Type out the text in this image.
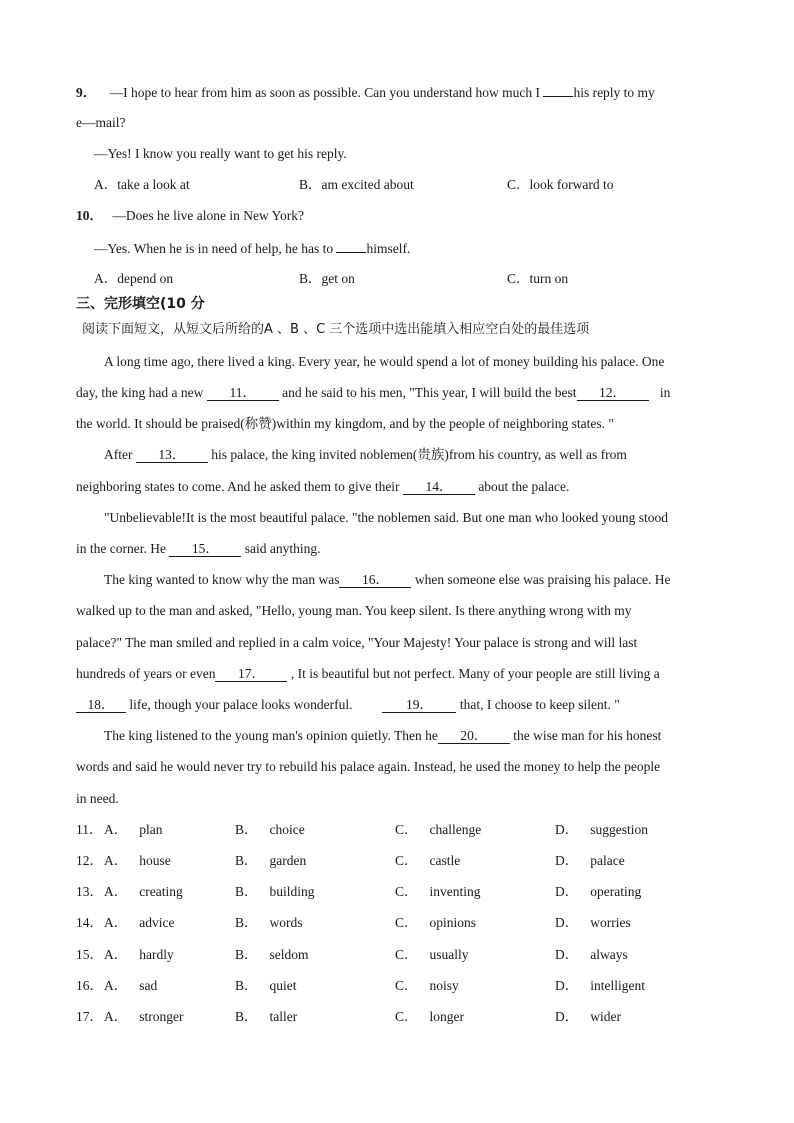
9． —I hope to hear from him as soon as possible. Can you understand how much I his reply to my
e—mail?
—Yes! I know you really want to get his reply.
A．take a look at	B．am excited about	C．look forward to
10． —Does he live alone in New York?
—Yes. When he is in need of help, he has to himself.
A．depend on	B．get on	C．turn on
三、完形填空(10 分
阅读下面短文，从短文后所给的A 、B 、C 三个选项中选出能填入相应空白处的最佳选项
A long time ago, there lived a king. Every year, he would spend a lot of money building his palace. One
day, the king had a new 11． and he said to his men, "This year, I will build the best 12． in
the world. It should be praised(称赞)within my kingdom, and by the people of neighboring states. "
After 13． his palace, the king invited noblemen(贵族)from his country, as well as from
neighboring states to come. And he asked them to give their 14． about the palace.
"Unbelievable!It is the most beautiful palace. "the noblemen said. But one man who looked young stood
in the corner. He 15． said anything.
The king wanted to know why the man was 16． when someone else was praising his palace. He
walked up to the man and asked, "Hello, young man. You keep silent. Is there anything wrong with my
palace?" The man smiled and replied in a calm voice, "Your Majesty! Your palace is strong and will last
hundreds of years or even 17． , It is beautiful but not perfect. Many of your people are still living a
18． life, though your palace looks wonderful.	19． that, I choose to keep silent. "
The king listened to the young man's opinion quietly. Then he 20． the wise man for his honest
words and said he would never try to rebuild his palace again. Instead, he used the money to help the people
in need.
11． A． plan	B． choice	C． challenge	D． suggestion
12． A． house	B． garden	C． castle	D． palace
13． A． creating	B． building	C． inventing	D． operating
14． A． advice	B． words	C． opinions	D． worries
15． A． hardly	B． seldom	C． usually	D． always
16． A． sad	B． quiet	C． noisy	D． intelligent
17． A． stronger	B． taller	C． longer	D． wider
